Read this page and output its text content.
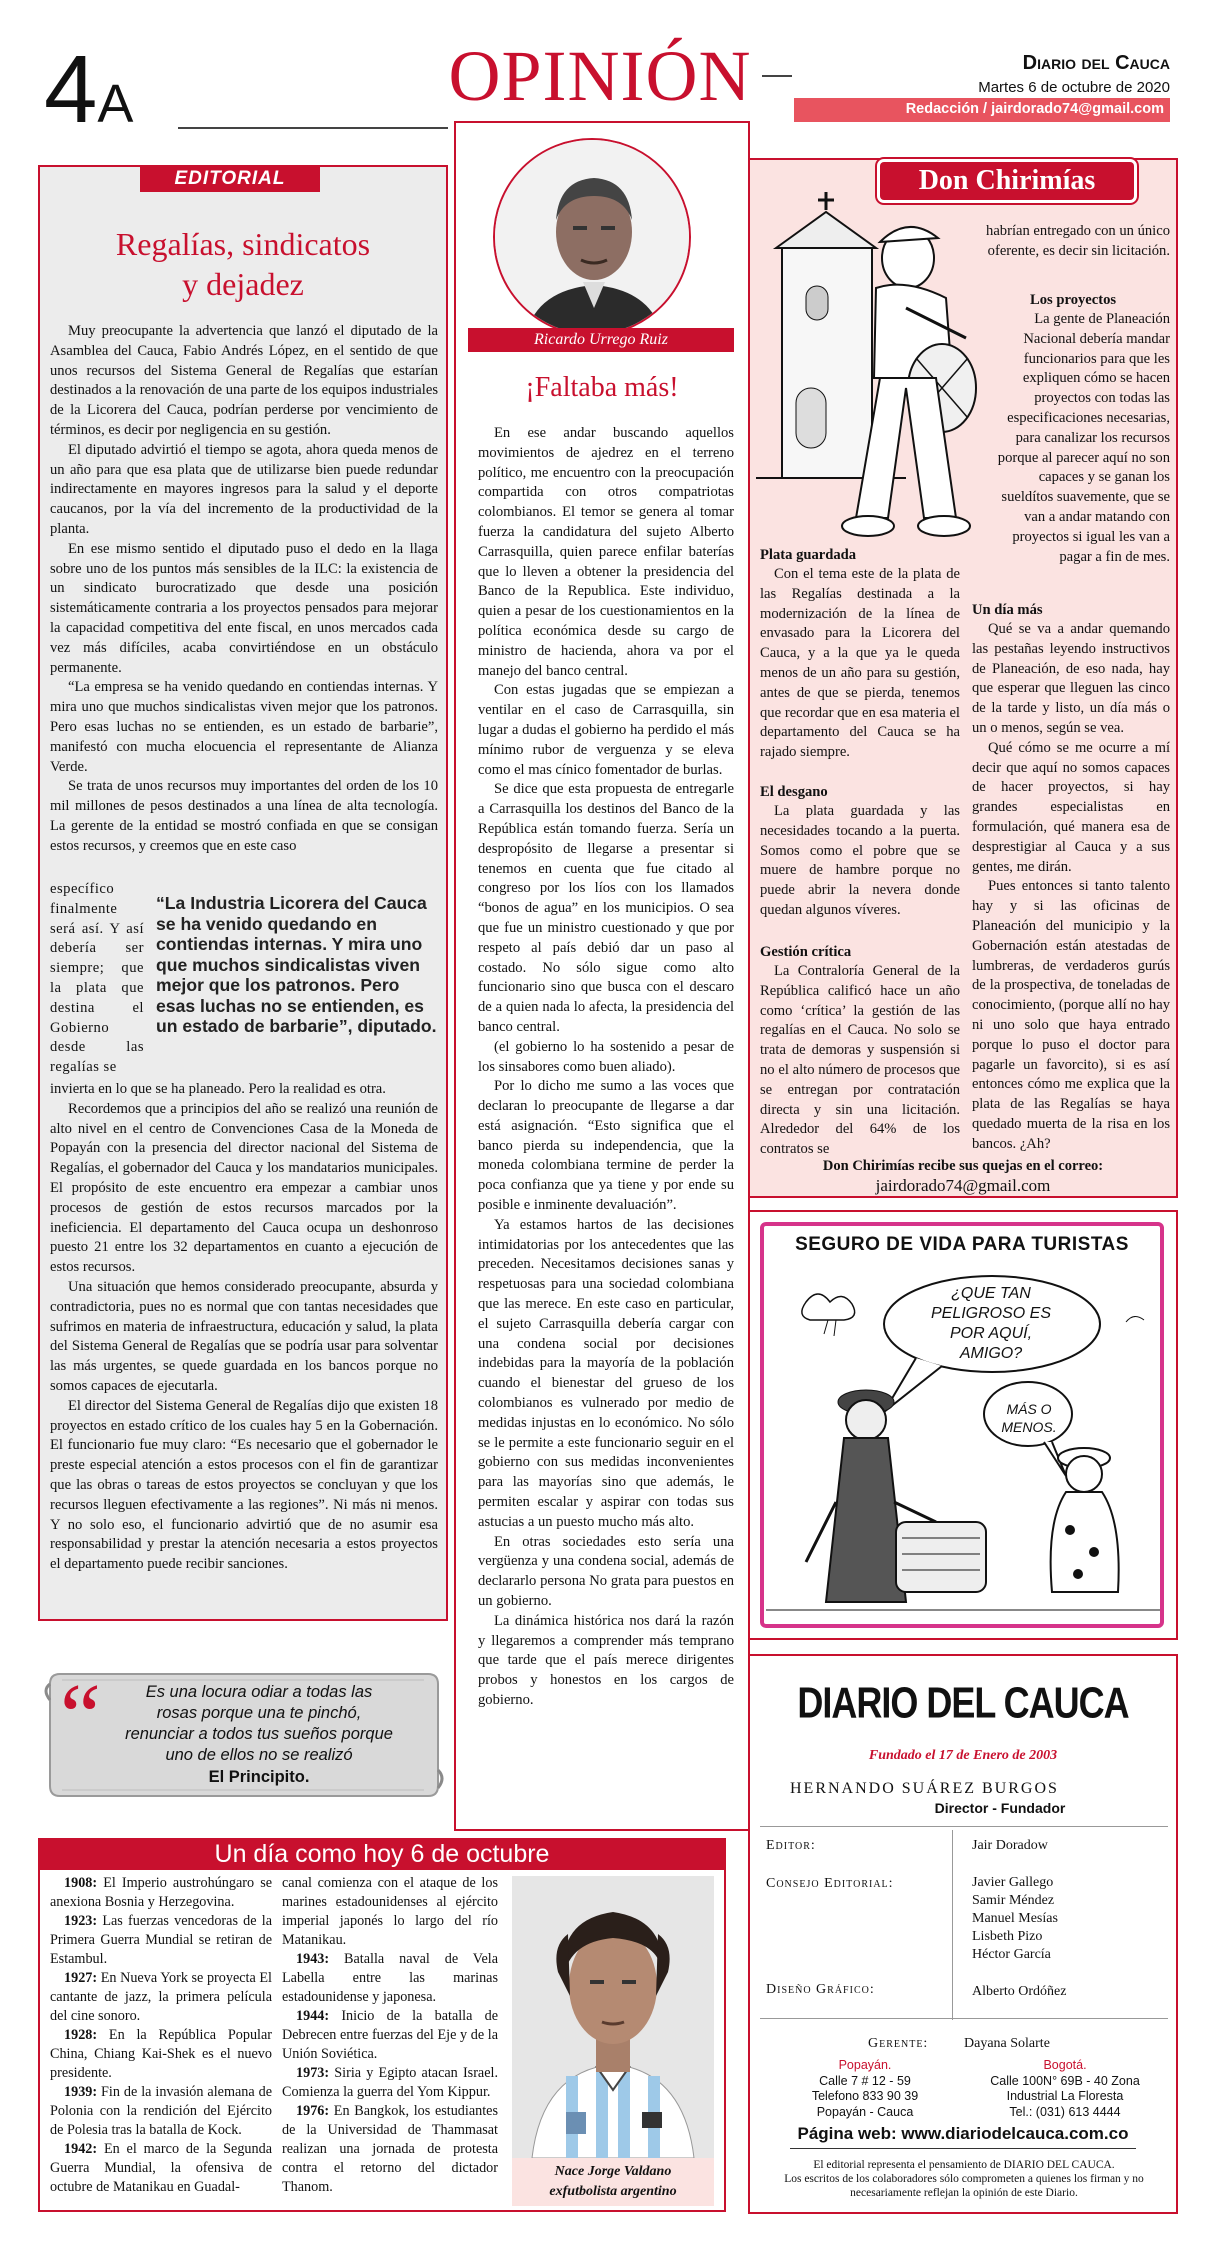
4A	OPINIÓN	Diario del Cauca
Martes 6 de octubre de 2020
Redacción / jairdorado74@gmail.com
EDITORIAL
Regalías, sindicatos
y dejadez

Muy preocupante la advertencia que lanzó el diputado de la Asamblea del Cauca, Fabio Andrés López, en el sentido de que unos recursos del Sistema General de Regalías que estarían destinados a la renovación de una parte de los equipos industriales de la Licorera del Cauca, podrían perderse por vencimiento de términos, es decir por negligencia en su gestión.

El diputado advirtió el tiempo se agota, ahora queda menos de un año para que esa plata que de utilizarse bien puede redundar indirectamente en mayores ingresos para la salud y el deporte caucanos, por la vía del incremento de la productividad de la planta.

En ese mismo sentido el diputado puso el dedo en la llaga sobre uno de los puntos más sensibles de la ILC: la existencia de un sindicato burocratizado que desde una posición sistemáticamente contraria a los proyectos pensados para mejorar la capacidad competitiva del ente fiscal, en unos mercados cada vez más difíciles, acaba convirtiéndose en un obstáculo permanente.

“La empresa se ha venido quedando en contiendas internas. Y mira uno que muchos sindicalistas viven mejor que los patronos. Pero esas luchas no se entienden, es un estado de barbarie”, manifestó con mucha elocuencia el representante de Alianza Verde.

Se trata de unos recursos muy importantes del orden de los 10 mil millones de pesos destinados a una línea de alta tecnología. La gerente de la entidad se mostró confiada en que se consigan estos recursos, y creemos que en este caso

específico finalmente será así. Y así debería ser siempre; que la plata que destina el Gobierno desde las regalías se
“La Industria Licorera del Cauca se ha venido quedando en contiendas internas. Y mira uno que muchos sindicalistas viven mejor que los patronos. Pero esas luchas no se entienden, es un estado de barbarie”, diputado.

invierta en lo que se ha planeado. Pero la realidad es otra.

Recordemos que a principios del año se realizó una reunión de alto nivel en el centro de Convenciones Casa de la Moneda de Popayán con la presencia del director nacional del Sistema de Regalías, el gobernador del Cauca y los mandatarios municipales. El propósito de este encuentro era empezar a cambiar unos procesos de gestión de estos recursos marcados por la ineficiencia. El departamento del Cauca ocupa un deshonroso puesto 21 entre los 32 departamentos en cuanto a ejecución de estos recursos.

Una situación que hemos considerado preocupante, absurda y contradictoria, pues no es normal que con tantas necesidades que sufrimos en materia de infraestructura, educación y salud, la plata del Sistema General de Regalías que se podría usar para solventar las más urgentes, se quede guardada en los bancos porque no somos capaces de ejecutarla.

El director del Sistema General de Regalías dijo que existen 18 proyectos en estado crítico de los cuales hay 5 en la Gobernación. El funcionario fue muy claro: “Es necesario que el gobernador le preste especial atención a estos procesos con el fin de garantizar que las obras o tareas de estos proyectos se concluyan y que los recursos lleguen efectivamente a las regiones”. Ni más ni menos. Y no solo eso, el funcionario advirtió que de no asumir esa responsabilidad y prestar la atención necesaria a estos proyectos el departamento puede recibir sanciones.

“	Es una locura odiar a todas las rosas porque una te pinchó, renunciar a todos tus sueños porque uno de ellos no se realizó
El Principito.
Ricardo Urrego Ruiz
¡Faltaba más!

En ese andar buscando aquellos movimientos de ajedrez en el terreno político, me encuentro con la preocupación compartida con otros compatriotas colombianos. El temor se genera al tomar fuerza la candidatura del sujeto Alberto Carrasquilla, quien parece enfilar baterías que lo lleven a obtener la presidencia del Banco de la Republica. Este individuo, quien a pesar de los cuestionamientos en la política económica desde su cargo de ministro de hacienda, ahora va por el manejo del banco central.

Con estas jugadas que se empiezan a ventilar en el caso de Carrasquilla, sin lugar a dudas el gobierno ha perdido el más mínimo rubor de verguenza y se eleva como el mas cínico fomentador de burlas.

Se dice que esta propuesta de entregarle a Carrasquilla los destinos del Banco de la República están tomando fuerza. Sería un despropósito de llegarse a presentar si tenemos en cuenta que fue citado al congreso por los líos con los llamados “bonos de agua” en los municipios. O sea que fue un ministro cuestionado y que por respeto al país debió dar un paso al costado. No sólo sigue como alto funcionario sino que busca con el descaro de a quien nada lo afecta, la presidencia del banco central.

(el gobierno lo ha sostenido a pesar de los sinsabores como buen aliado).

Por lo dicho me sumo a las voces que declaran lo preocupante de llegarse a dar está asignación. “Esto significa que el banco pierda su independencia, que la moneda colombiana termine de perder la poca confianza que ya tiene y por ende su posible e inminente devaluación”.

Ya estamos hartos de las decisiones intimidatorias por los antecedentes que las preceden. Necesitamos decisiones sanas y respetuosas para una sociedad colombiana que las merece. En este caso en particular, el sujeto Carrasquilla debería cargar con una condena social por decisiones indebidas para la mayoría de la población cuando el bienestar del grueso de los colombianos es vulnerado por medio de medidas injustas en lo económico. No sólo se le permite a este funcionario seguir en el gobierno con sus medidas inconvenientes para las mayorías sino que además, le permiten escalar y aspirar con todas sus astucias a un puesto mucho más alto.

En otras sociedades esto sería una vergüenza y una condena social, además de declararlo persona No grata para puestos en un gobierno.

La dinámica histórica nos dará la razón y llegaremos a comprender más temprano que tarde que el país merece dirigentes probos y honestos en los cargos de gobierno.

Don Chirimías
habrían entregado con un único oferente, es decir sin licitación.
Los proyectos
La gente de Planeación Nacional debería mandar funcionarios para que les expliquen cómo se hacen proyectos con todas las especificaciones necesarias, para canalizar los recursos porque al parecer aquí no son capaces y se ganan los sueldítos suavemente, que se van a andar matando con proyectos si igual les van a pagar a fin de mes.
Plata guardada
Con el tema este de la plata de las Regalías destinada a la modernización de la línea de envasado para la Licorera del Cauca, y a la que ya le queda menos de un año para su gestión, antes de que se pierda, tenemos que recordar que en esa materia el departamento del Cauca se ha rajado siempre.
El desgano
La plata guardada y las necesidades tocando a la puerta. Somos como el pobre que se muere de hambre porque no puede abrir la nevera donde quedan algunos víveres.
Gestión crítica
La Contraloría General de la República calificó hace un año como ‘crítica’ la gestión de las regalías en el Cauca. No solo se trata de demoras y suspensión si no el alto número de procesos que se entregan por contratación directa y sin una licitación. Alrededor del 64% de los contratos se
Un día más

Qué se va a andar quemando las pestañas leyendo instructivos de Planeación, de eso nada, hay que esperar que lleguen las cinco de la tarde y listo, un día más o un o menos, según se vea.

Qué cómo se me ocurre a mí decir que aquí no somos capaces de hacer proyectos, si hay grandes especialistas en formulación, qué manera esa de desprestigiar al Cauca y a sus gentes, me dirán.

Pues entonces si tanto talento hay y si las oficinas de Planeación del municipio y la Gobernación están atestadas de lumbreras, de verdaderos gurús de la prospectiva, de toneladas de conocimiento, (porque allí no hay ni uno solo que haya entrado porque lo puso el doctor para pagarle un favorcito), si es así entonces cómo me explica que la plata de las Regalías se haya quedado muerta de la risa en los bancos. ¿Ah?

Don Chirimías recibe sus quejas en el correo:
jairdorado74@gmail.com
SEGURO DE VIDA PARA TURISTAS
¿QUE TAN PELIGROSO ES POR AQUÍ, AMIGO?
MÁS O MENOS.
DIARIO DEL CAUCA
Fundado el 17 de Enero de 2003
HERNANDO SUÁREZ BURGOS
Director - Fundador
Editor:	Jair Doradow
Consejo Editorial:	Javier Gallego
Samir Méndez
Manuel Mesías
Lisbeth Pizo
Héctor García
Diseño Gráfico:	Alberto Ordóñez
Gerente:	Dayana Solarte
Popayán.
Calle 7 # 12 - 59
Telefono 833 90 39
Popayán - Cauca
Bogotá.
Calle 100N° 69B - 40 Zona
Industrial La Floresta
Tel.: (031) 613 4444
Página web: www.diariodelcauca.com.co
El editorial representa el pensamiento de DIARIO DEL CAUCA.
Los escritos de los colaboradores sólo comprometen a quienes los firman y no necesariamente reflejan la opinión de este Diario.
Un día como hoy 6 de octubre

1908: El Imperio austrohúngaro se anexiona Bosnia y Herzegovina.

1923: Las fuerzas vencedoras de la Primera Guerra Mundial se retiran de Estambul.

1927: En Nueva York se proyecta El cantante de jazz, la primera película del cine sonoro.

1928: En la República Popular China, Chiang Kai-Shek es el nuevo presidente.

1939: Fin de la invasión alemana de Polonia con la rendición del Ejército de Polesia tras la batalla de Kock.

1942: En el marco de la Segunda Guerra Mundial, la ofensiva de octubre de Matanikau en Guadal-

canal comienza con el ataque de los marines estadounidenses al ejército imperial japonés lo largo del río Matanikau.

1943: Batalla naval de Vela Labella entre las marinas estadounidense y japonesa.

1944: Inicio de la batalla de Debrecen entre fuerzas del Eje y de la Unión Soviética.

1973: Siria y Egipto atacan Israel. Comienza la guerra del Yom Kippur.

1976: En Bangkok, los estudiantes de la Universidad de Thammasat realizan una jornada de protesta contra el retorno del dictador Thanom.

Nace Jorge Valdano
exfutbolista argentino
